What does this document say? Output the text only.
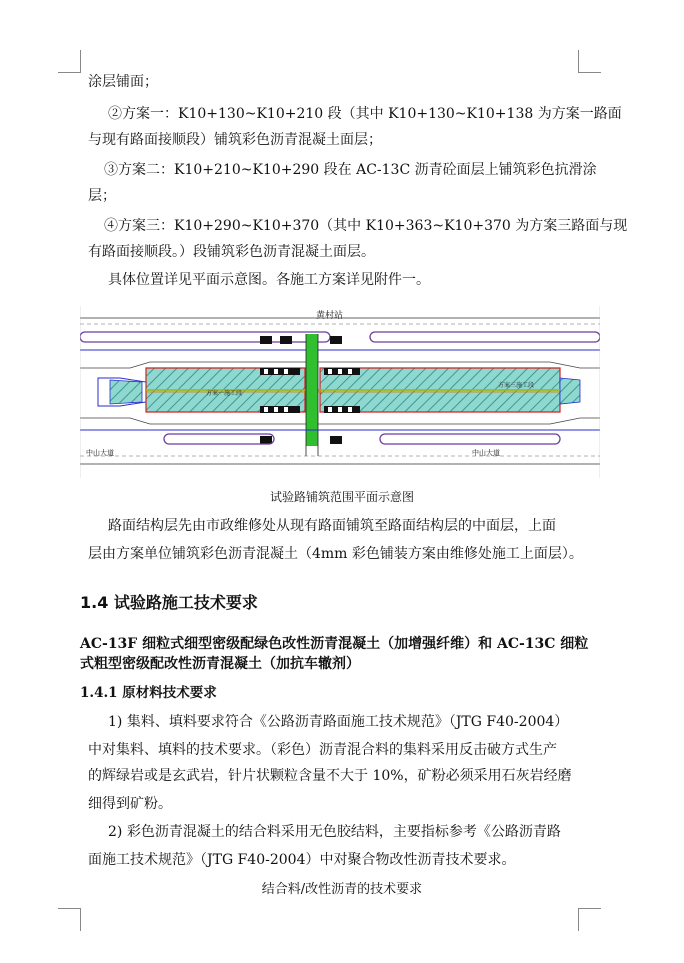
涂层铺面；
②方案一：K10+130~K10+210 段（其中 K10+130~K10+138 为方案一路面
与现有路面接顺段）铺筑彩色沥青混凝土面层；
③方案二：K10+210~K10+290 段在 AC-13C 沥青砼面层上铺筑彩色抗滑涂
层；
④方案三：K10+290~K10+370（其中 K10+363~K10+370 为方案三路面与现
有路面接顺段。）段铺筑彩色沥青混凝土面层。
具体位置详见平面示意图。各施工方案详见附件一。
黄村站
方案一施工段
方案三施工段
中山大道	中山大道
试验路铺筑范围平面示意图
路面结构层先由市政维修处从现有路面铺筑至路面结构层的中面层，上面
层由方案单位铺筑彩色沥青混凝土（4mm 彩色铺装方案由维修处施工上面层）。
1.4 试验路施工技术要求
AC-13F 细粒式细型密级配绿色改性沥青混凝土（加增强纤维）和 AC-13C 细粒
式粗型密级配改性沥青混凝土（加抗车辙剂）
1.4.1 原材料技术要求
1) 集料、填料要求符合《公路沥青路面施工技术规范》（JTG F40-2004）
中对集料、填料的技术要求。（彩色）沥青混合料的集料采用反击破方式生产
的辉绿岩或是玄武岩，针片状颗粒含量不大于 10%，矿粉必须采用石灰岩经磨
细得到矿粉。
2) 彩色沥青混凝土的结合料采用无色胶结料，主要指标参考《公路沥青路
面施工技术规范》（JTG F40-2004）中对聚合物改性沥青技术要求。
结合料/改性沥青的技术要求
